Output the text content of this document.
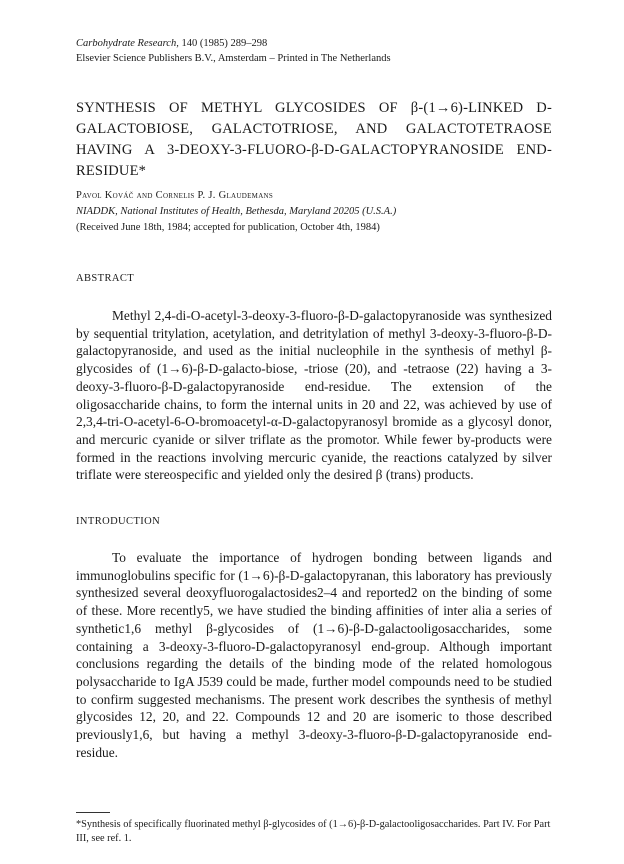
Carbohydrate Research, 140 (1985) 289–298
Elsevier Science Publishers B.V., Amsterdam – Printed in The Netherlands
SYNTHESIS OF METHYL GLYCOSIDES OF β-(1→6)-LINKED D-GALACTOBIOSE, GALACTOTRIOSE, AND GALACTOTETRAOSE HAVING A 3-DEOXY-3-FLUORO-β-D-GALACTOPYRANOSIDE END-
RESIDUE*
Pavol Kováč and Cornelis P. J. Glaudemans
NIADDK, National Institutes of Health, Bethesda, Maryland 20205 (U.S.A.)
(Received June 18th, 1984; accepted for publication, October 4th, 1984)
ABSTRACT

Methyl 2,4-di-O-acetyl-3-deoxy-3-fluoro-β-D-galactopyranoside was synthesized by sequential tritylation, acetylation, and detritylation of methyl 3-deoxy-3-fluoro-β-D-galactopyranoside, and used as the initial nucleophile in the synthesis of methyl β-glycosides of (1→6)-β-D-galacto-biose, -triose (20), and -tetraose (22) having a 3-deoxy-3-fluoro-β-D-galactopyranoside end-residue. The extension of the oligosaccharide chains, to form the internal units in 20 and 22, was achieved by use of 2,3,4-tri-O-acetyl-6-O-bromoacetyl-α-D-galactopyranosyl bromide as a glycosyl donor, and mercuric cyanide or silver triflate as the promotor. While fewer by-products were formed in the reactions involving mercuric cyanide, the reactions catalyzed by silver triflate were stereospecific and yielded only the desired β (trans) products.

INTRODUCTION

To evaluate the importance of hydrogen bonding between ligands and immunoglobulins specific for (1→6)-β-D-galactopyranan, this laboratory has previously synthesized several deoxyfluorogalactosides2–4 and reported2 on the binding of some of these. More recently5, we have studied the binding affinities of inter alia a series of synthetic1,6 methyl β-glycosides of (1→6)-β-D-galactooligosaccharides, some containing a 3-deoxy-3-fluoro-D-galactopyranosyl end-group. Although important conclusions regarding the details of the binding mode of the related homologous polysaccharide to IgA J539 could be made, further model compounds need to be studied to confirm suggested mechanisms. The present work describes the synthesis of methyl glycosides 12, 20, and 22. Compounds 12 and 20 are isomeric to those described previously1,6, but having a methyl 3-deoxy-3-fluoro-β-D-galactopyranoside end-residue.

*Synthesis of specifically fluorinated methyl β-glycosides of (1→6)-β-D-galactooligosaccharides. Part IV. For Part III, see ref. 1.
